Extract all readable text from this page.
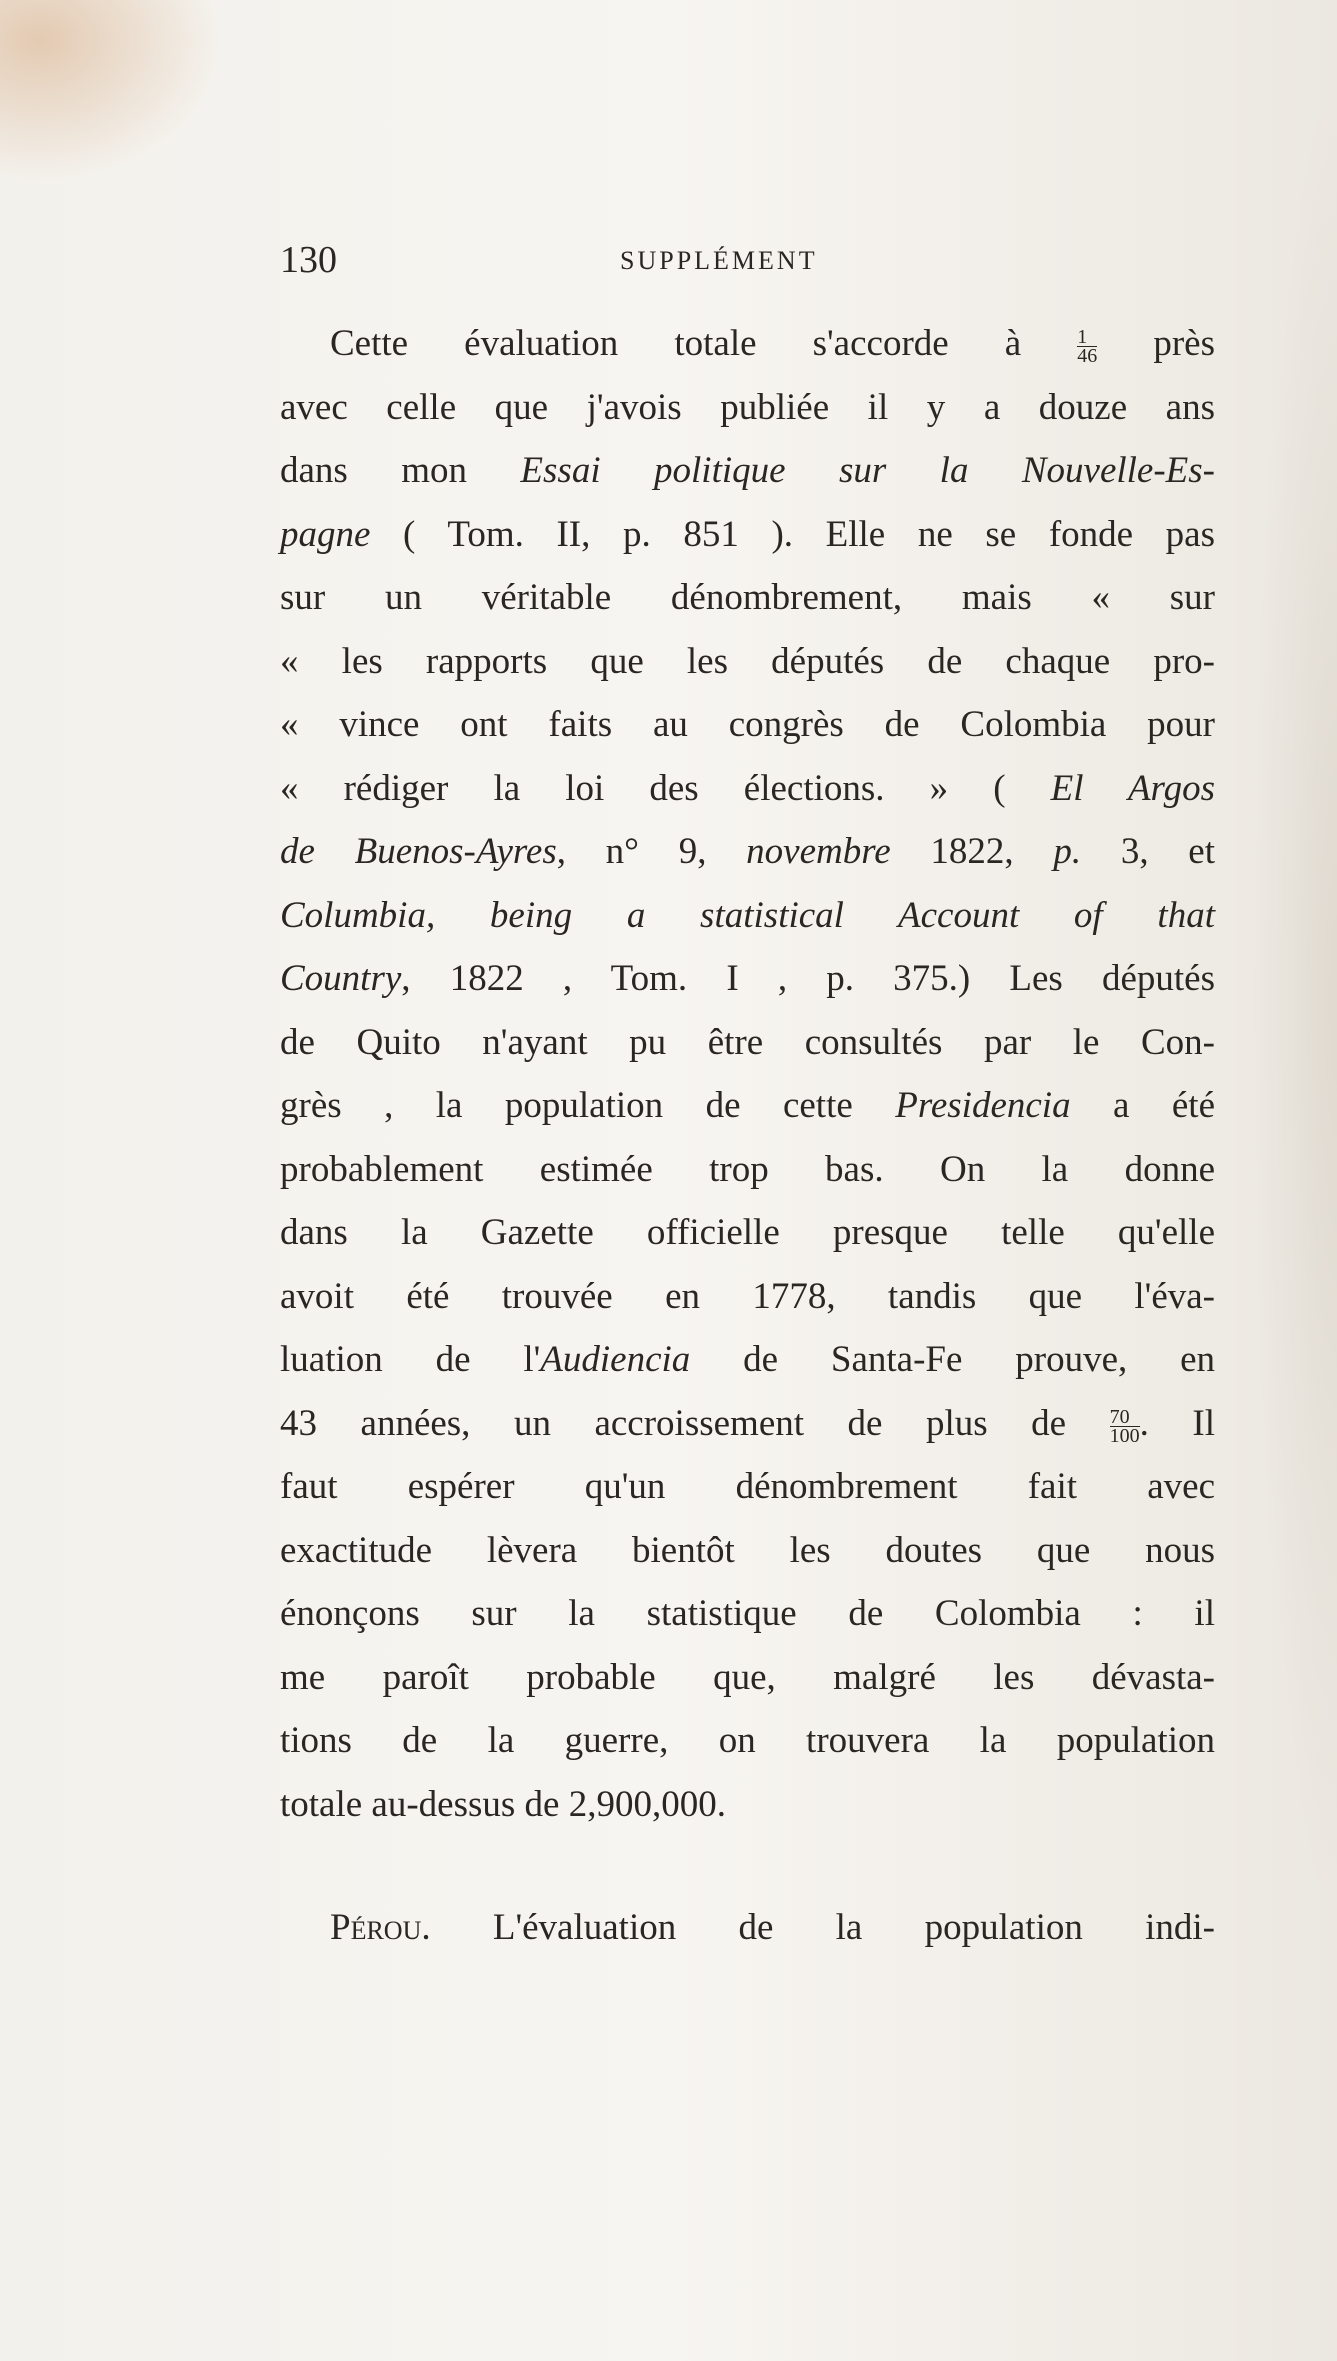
130	SUPPLÉMENT

Cette évaluation totale s'accorde à $\frac{1}{46}$ près
avec celle que j'avois publiée il y a douze ans
dans mon Essai politique sur la Nouvelle-Es-
pagne ( Tom. II, p. 851 ). Elle ne se fonde pas
sur un véritable dénombrement, mais « sur
« les rapports que les députés de chaque pro-
« vince ont faits au congrès de Colombia pour
« rédiger la loi des élections. » ( El Argos
de Buenos-Ayres, n° 9, novembre 1822, p. 3, et
Columbia, being a statistical Account of that
Country, 1822 , Tom. I , p. 375.) Les députés
de Quito n'ayant pu être consultés par le Con-
grès , la population de cette Presidencia a été
probablement estimée trop bas. On la donne
dans la Gazette officielle presque telle qu'elle
avoit été trouvée en 1778, tandis que l'éva-
luation de l'Audiencia de Santa-Fe prouve, en
43 années, un accroissement de plus de $\frac{70}{100}$ . Il
faut espérer qu'un dénombrement fait avec
exactitude lèvera bientôt les doutes que nous
énonçons sur la statistique de Colombia : il
me paroît probable que, malgré les dévasta-
tions de la guerre, on trouvera la population
totale au-dessus de 2,900,000.

Pérou. L'évaluation de la population indi-
